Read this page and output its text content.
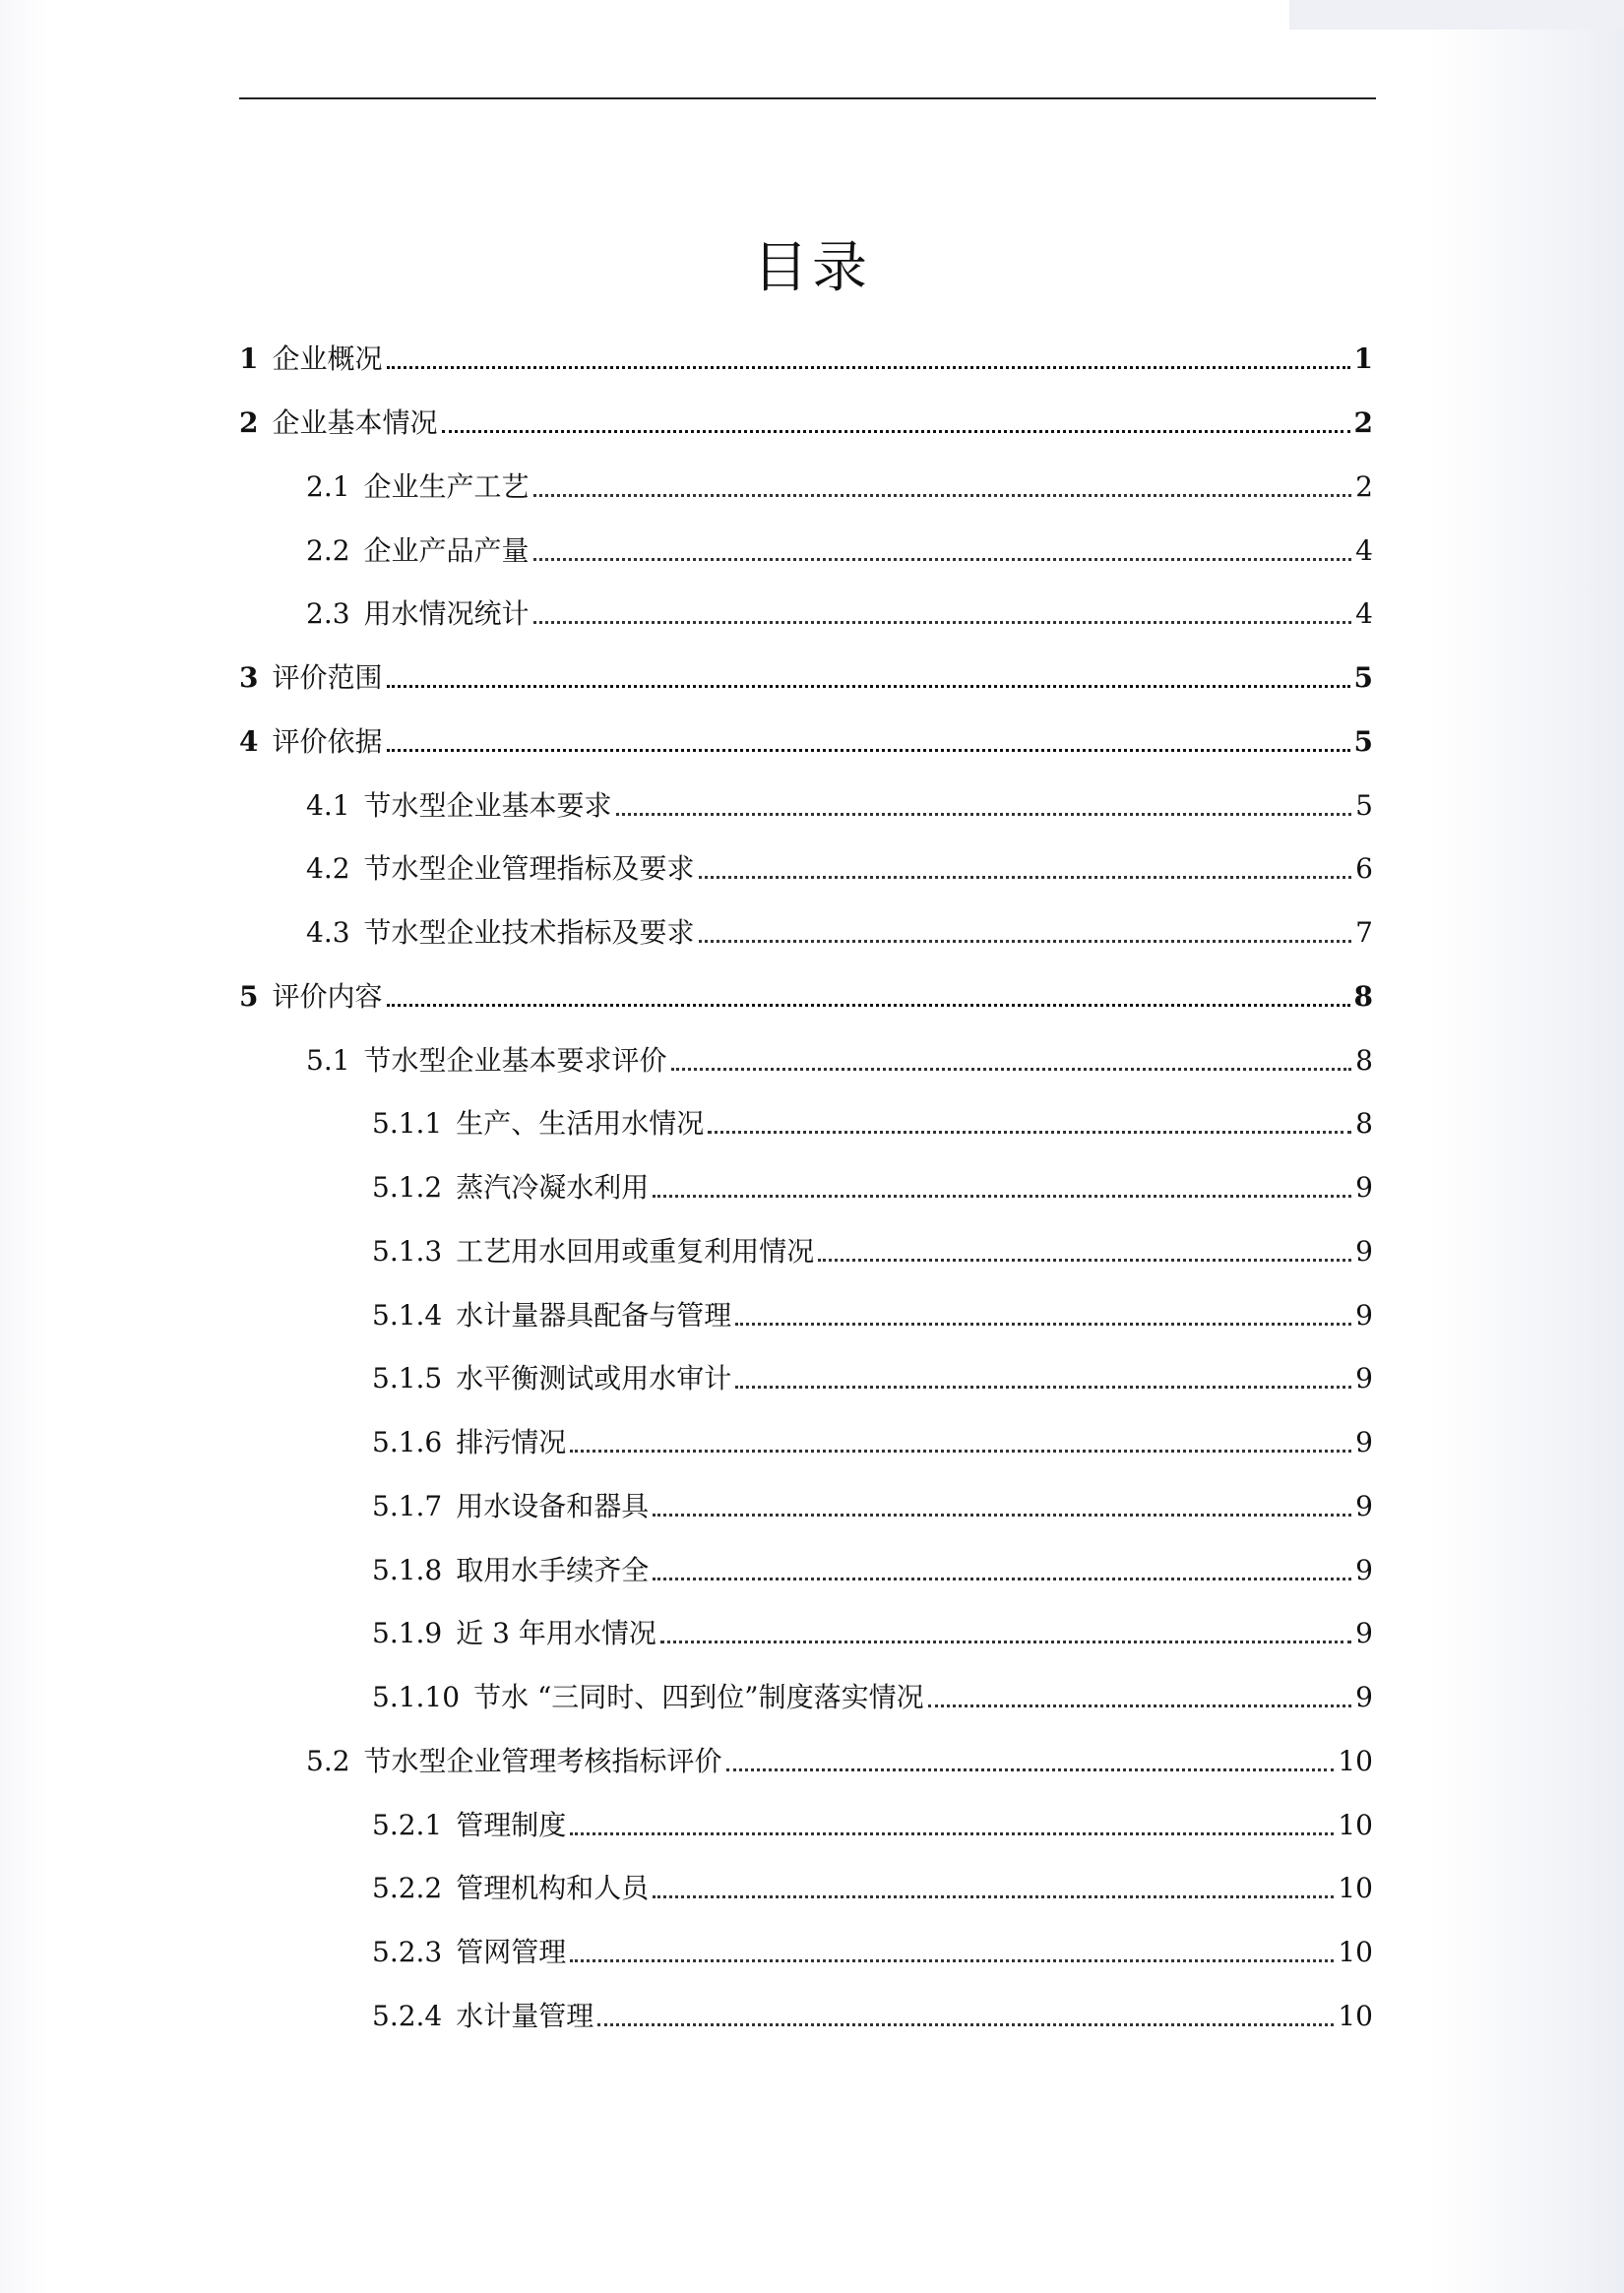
目录
1 企业概况	1
2 企业基本情况	2
2.1 企业生产工艺	2
2.2 企业产品产量	4
2.3 用水情况统计	4
3 评价范围	5
4 评价依据	5
4.1 节水型企业基本要求	5
4.2 节水型企业管理指标及要求	6
4.3 节水型企业技术指标及要求	7
5 评价内容	8
5.1 节水型企业基本要求评价	8
5.1.1 生产、生活用水情况	8
5.1.2 蒸汽冷凝水利用	9
5.1.3 工艺用水回用或重复利用情况	9
5.1.4 水计量器具配备与管理	9
5.1.5 水平衡测试或用水审计	9
5.1.6 排污情况	9
5.1.7 用水设备和器具	9
5.1.8 取用水手续齐全	9
5.1.9 近 3 年用水情况	9
5.1.10 节水 “三同时、四到位”制度落实情况	9
5.2 节水型企业管理考核指标评价	10
5.2.1 管理制度	10
5.2.2 管理机构和人员	10
5.2.3 管网管理	10
5.2.4 水计量管理	10
